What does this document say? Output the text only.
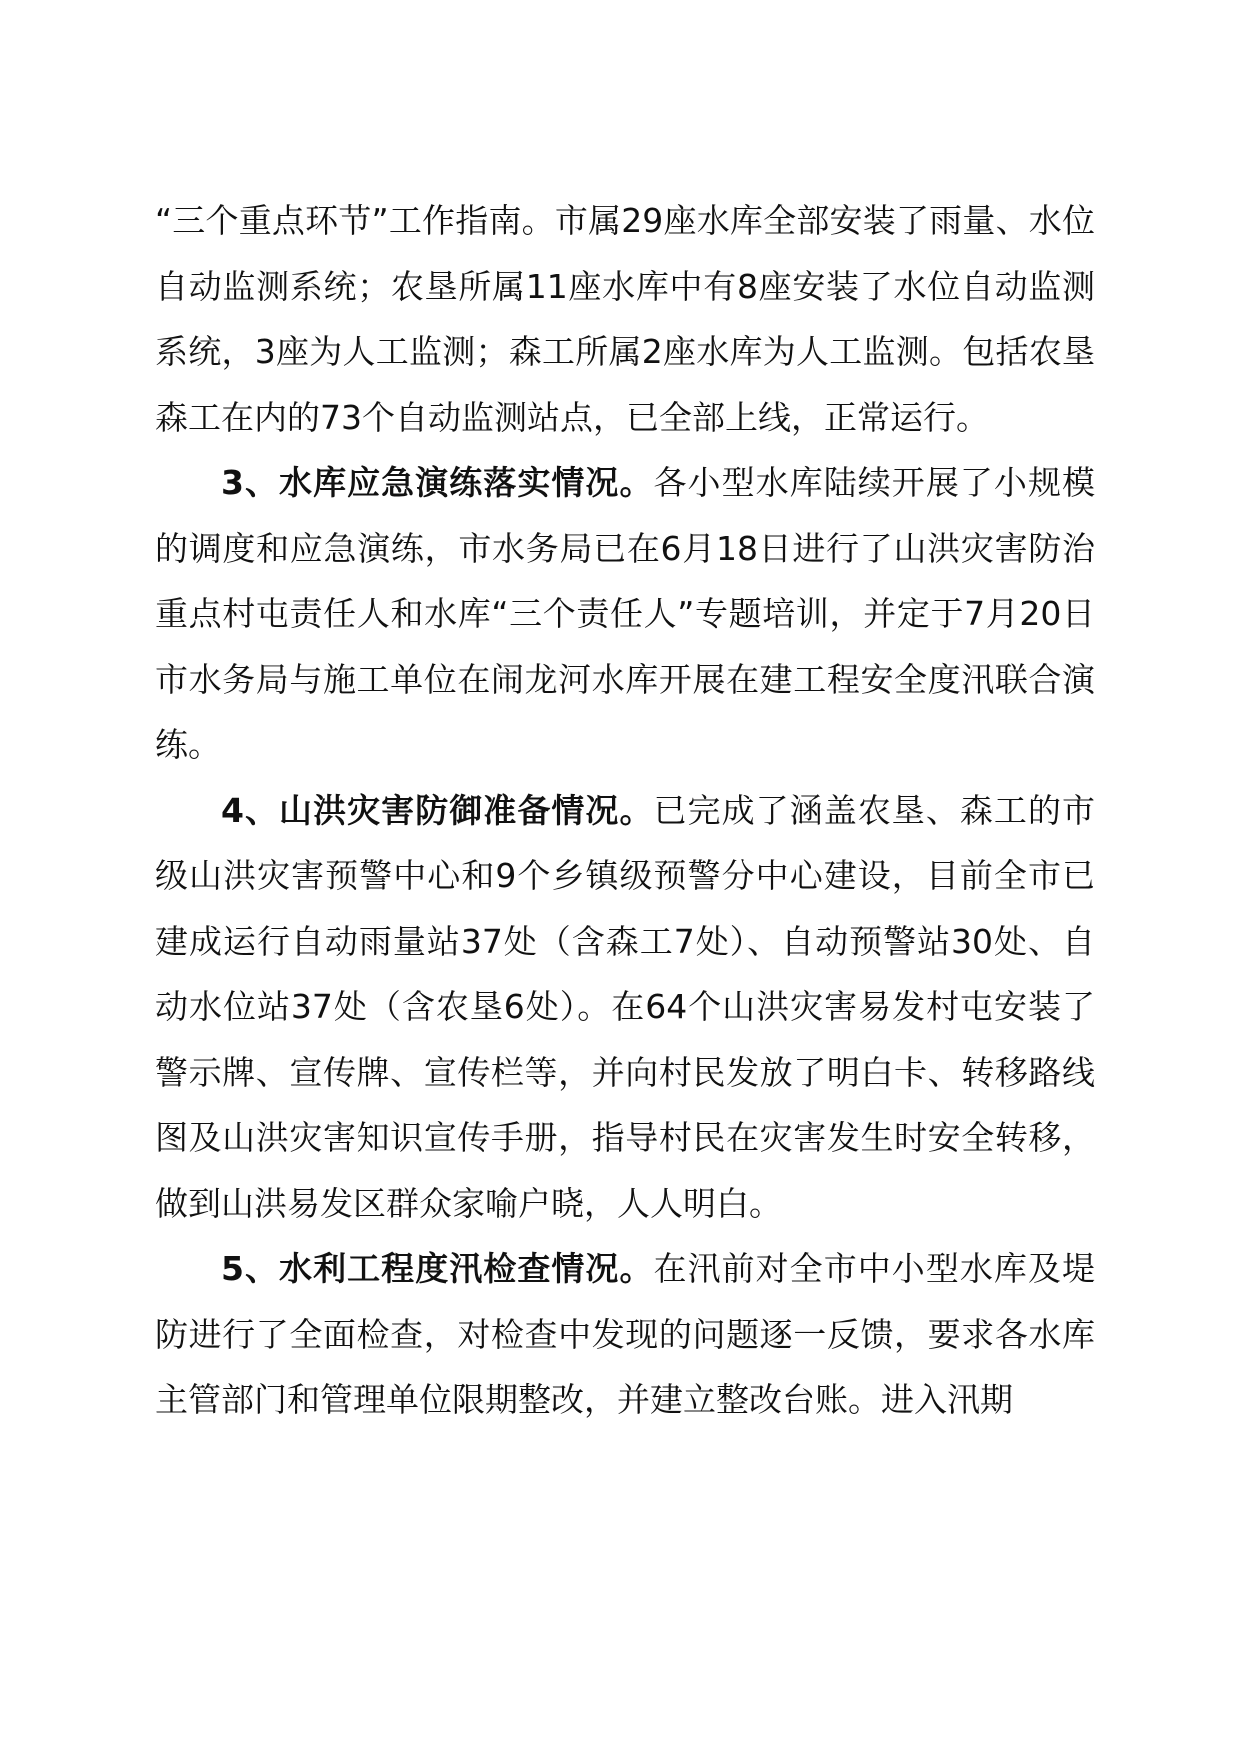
“三个重点环节”工作指南。市属29座水库全部安装了雨量、水位自动监测系统；农垦所属11座水库中有8座安装了水位自动监测系统，3座为人工监测；森工所属2座水库为人工监测。包括农垦森工在内的73个自动监测站点，已全部上线，正常运行。

3、水库应急演练落实情况。各小型水库陆续开展了小规模的调度和应急演练，市水务局已在6月18日进行了山洪灾害防治重点村屯责任人和水库“三个责任人”专题培训，并定于7月20日市水务局与施工单位在闹龙河水库开展在建工程安全度汛联合演练。

4、山洪灾害防御准备情况。已完成了涵盖农垦、森工的市级山洪灾害预警中心和9个乡镇级预警分中心建设，目前全市已建成运行自动雨量站37处（含森工7处）、自动预警站30处、自动水位站37处（含农垦6处）。在64个山洪灾害易发村屯安装了警示牌、宣传牌、宣传栏等，并向村民发放了明白卡、转移路线图及山洪灾害知识宣传手册，指导村民在灾害发生时安全转移，做到山洪易发区群众家喻户晓，人人明白。

5、水利工程度汛检查情况。在汛前对全市中小型水库及堤防进行了全面检查，对检查中发现的问题逐一反馈，要求各水库主管部门和管理单位限期整改，并建立整改台账。进入汛期
